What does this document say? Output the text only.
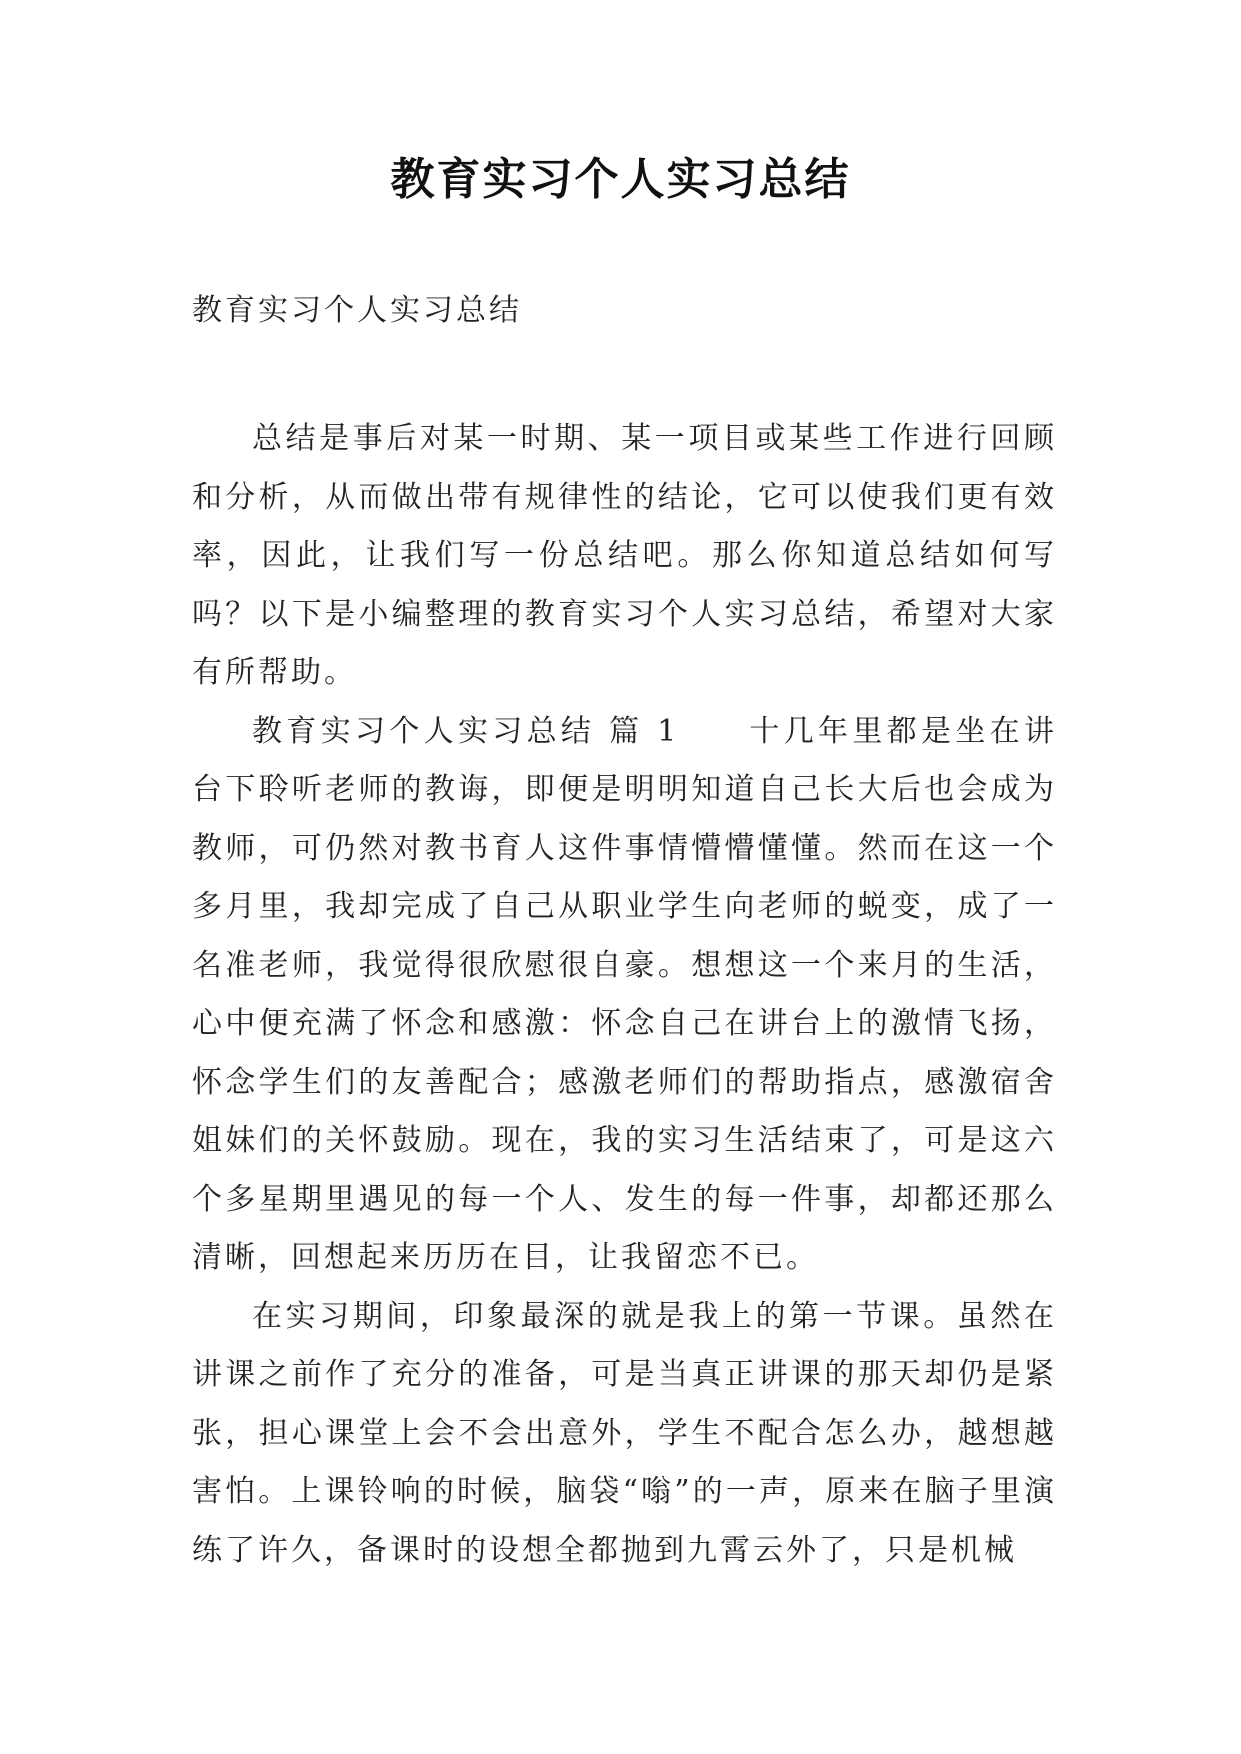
教育实习个人实习总结
教育实习个人实习总结

总结是事后对某一时期、某一项目或某些工作进行回顾和分析，从而做出带有规律性的结论，它可以使我们更有效率，因此，让我们写一份总结吧。那么你知道总结如何写吗？以下是小编整理的教育实习个人实习总结，希望对大家有所帮助。

教育实习个人实习总结 篇 1　　十几年里都是坐在讲台下聆听老师的教诲，即便是明明知道自己长大后也会成为教师，可仍然对教书育人这件事情懵懵懂懂。然而在这一个多月里，我却完成了自己从职业学生向老师的蜕变，成了一名准老师，我觉得很欣慰很自豪。想想这一个来月的生活，心中便充满了怀念和感激：怀念自己在讲台上的激情飞扬，怀念学生们的友善配合；感激老师们的帮助指点，感激宿舍姐妹们的关怀鼓励。现在，我的实习生活结束了，可是这六个多星期里遇见的每一个人、发生的每一件事，却都还那么清晰，回想起来历历在目，让我留恋不已。

在实习期间，印象最深的就是我上的第一节课。虽然在讲课之前作了充分的准备，可是当真正讲课的那天却仍是紧张，担心课堂上会不会出意外，学生不配合怎么办，越想越害怕。上课铃响的时候，脑袋“嗡”的一声，原来在脑子里演练了许久，备课时的设想全都抛到九霄云外了，只是机械
